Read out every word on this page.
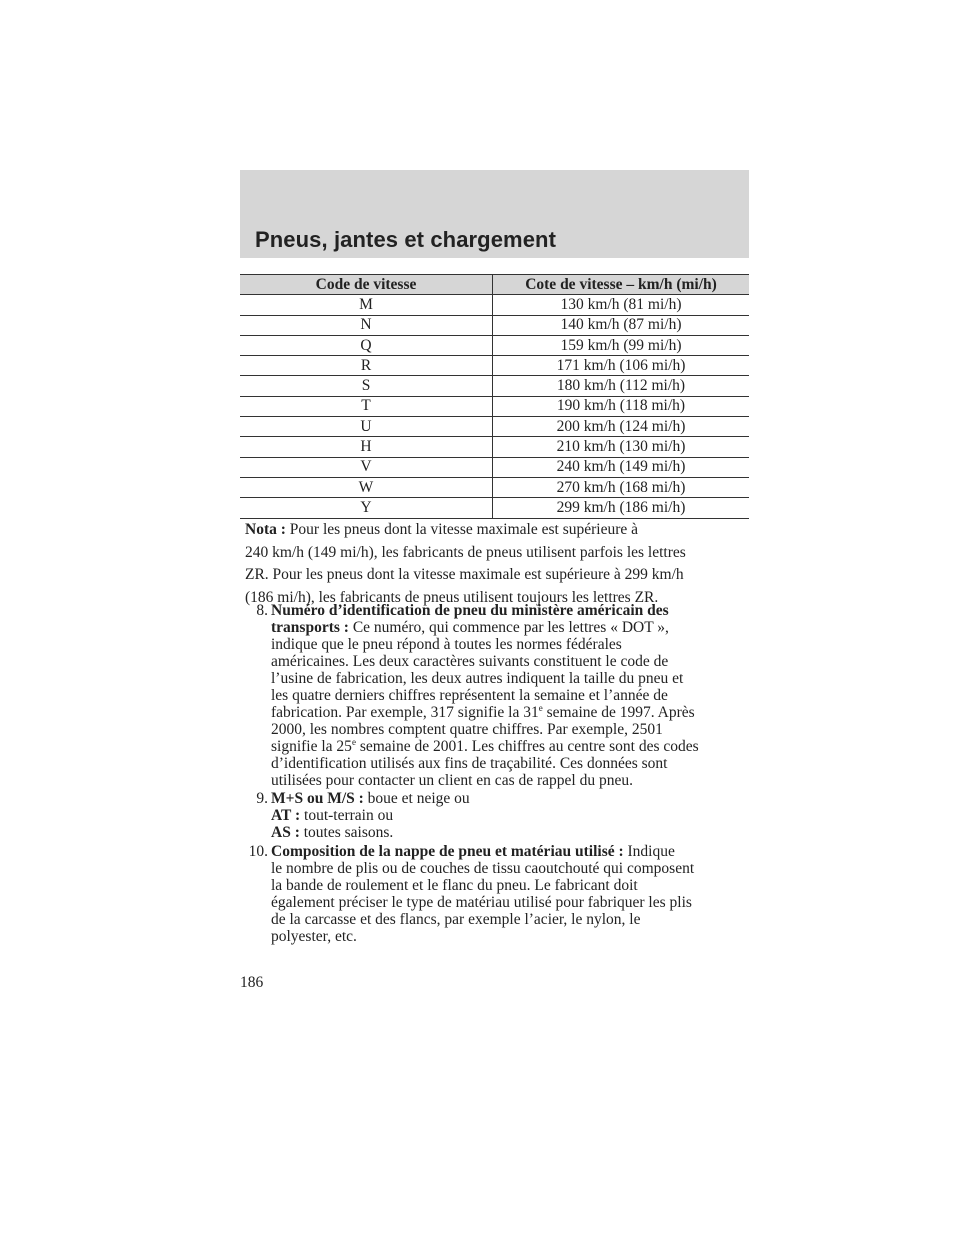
Pneus, jantes et chargement
Code de vitesse	Cote de vitesse – km/h (mi/h)
M	130 km/h (81 mi/h)
N	140 km/h (87 mi/h)
Q	159 km/h (99 mi/h)
R	171 km/h (106 mi/h)
S	180 km/h (112 mi/h)
T	190 km/h (118 mi/h)
U	200 km/h (124 mi/h)
H	210 km/h (130 mi/h)
V	240 km/h (149 mi/h)
W	270 km/h (168 mi/h)
Y	299 km/h (186 mi/h)
Nota : Pour les pneus dont la vitesse maximale est supérieure à
240 km/h (149 mi/h), les fabricants de pneus utilisent parfois les lettres
ZR. Pour les pneus dont la vitesse maximale est supérieure à 299 km/h
(186 mi/h), les fabricants de pneus utilisent toujours les lettres ZR.
8. Numéro d’identification de pneu du ministère américain des
transports : Ce numéro, qui commence par les lettres « DOT »,
indique que le pneu répond à toutes les normes fédérales
américaines. Les deux caractères suivants constituent le code de
l’usine de fabrication, les deux autres indiquent la taille du pneu et
les quatre derniers chiffres représentent la semaine et l’année de
fabrication. Par exemple, 317 signifie la 31e semaine de 1997. Après
2000, les nombres comptent quatre chiffres. Par exemple, 2501
signifie la 25e semaine de 2001. Les chiffres au centre sont des codes
d’identification utilisés aux fins de traçabilité. Ces données sont
utilisées pour contacter un client en cas de rappel du pneu.
9. M+S ou M/S : boue et neige ou
AT : tout-terrain ou
AS : toutes saisons.
10. Composition de la nappe de pneu et matériau utilisé : Indique
le nombre de plis ou de couches de tissu caoutchouté qui composent
la bande de roulement et le flanc du pneu. Le fabricant doit
également préciser le type de matériau utilisé pour fabriquer les plis
de la carcasse et des flancs, par exemple l’acier, le nylon, le
polyester, etc.
186
